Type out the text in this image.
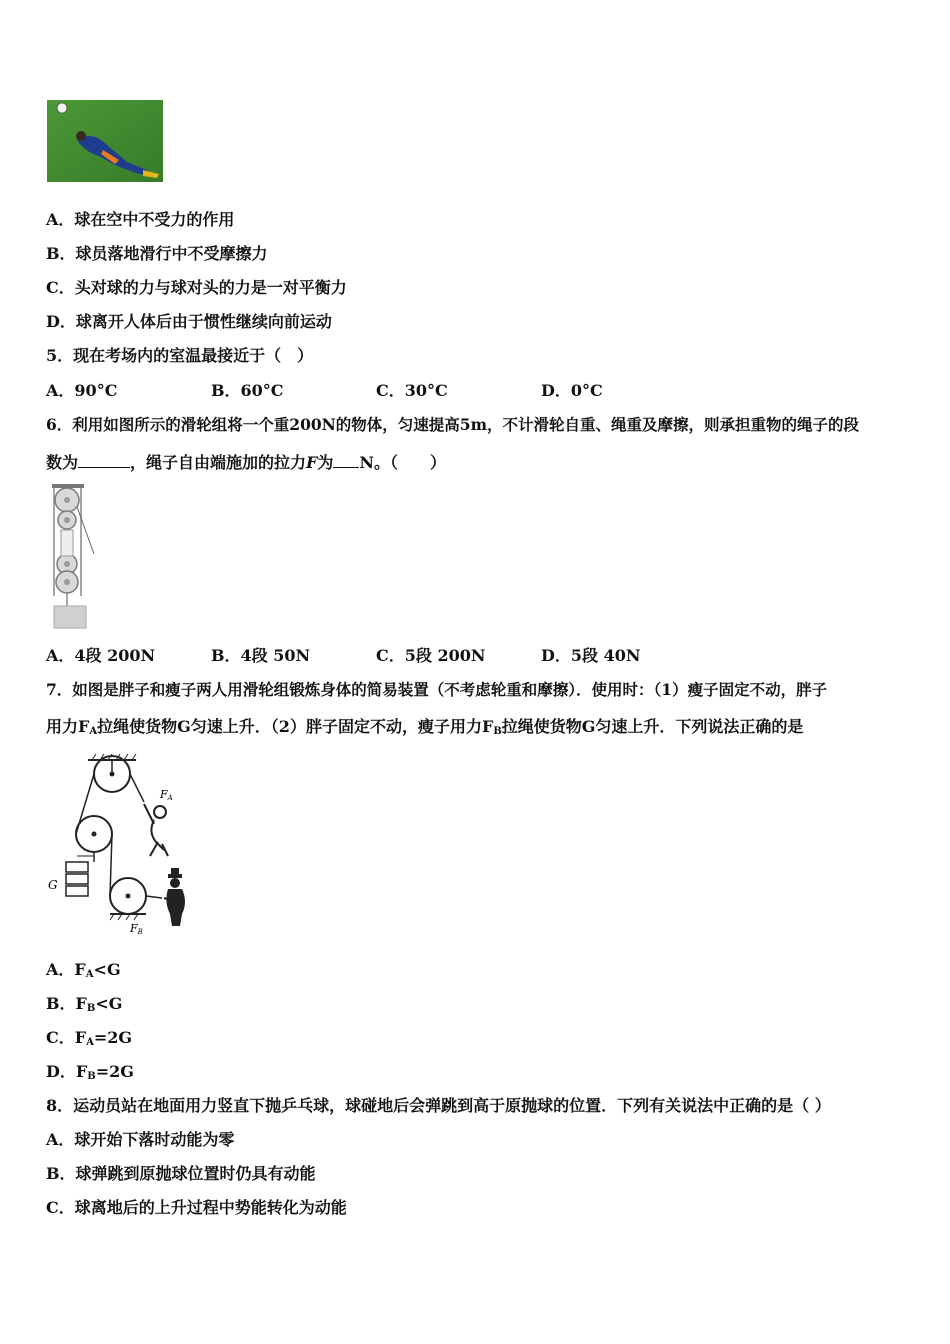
A．球在空中不受力的作用
B．球员落地滑行中不受摩擦力
C．头对球的力与球对头的力是一对平衡力
D．球离开人体后由于惯性继续向前运动
5．现在考场内的室温最接近于（　）
A．90°C	B．60°C	C．30°C	D．0°C
6．利用如图所示的滑轮组将一个重200N的物体，匀速提高5m，不计滑轮自重、绳重及摩擦，则承担重物的绳子的段
数为	，绳子自由端施加的拉力F为 N。（　　）
A．4段 200N	B．4段 50N	C．5段 200N	D．5段 40N
7．如图是胖子和瘦子两人用滑轮组锻炼身体的简易装置（不考虑轮重和摩擦）．使用时：（1）瘦子固定不动，胖子
用力$F_A$拉绳使货物G匀速上升．（2）胖子固定不动，瘦子用力$F_B$拉绳使货物G匀速上升．下列说法正确的是
G
FA
FB
A．$F_A<G$
B．$F_B<G$
C．$F_A=2G$
D．$F_B=2G$
8．运动员站在地面用力竖直下抛乒乓球，球碰地后会弹跳到高于原抛球的位置．下列有关说法中正确的是（ ）
A．球开始下落时动能为零
B．球弹跳到原抛球位置时仍具有动能
C．球离地后的上升过程中势能转化为动能
